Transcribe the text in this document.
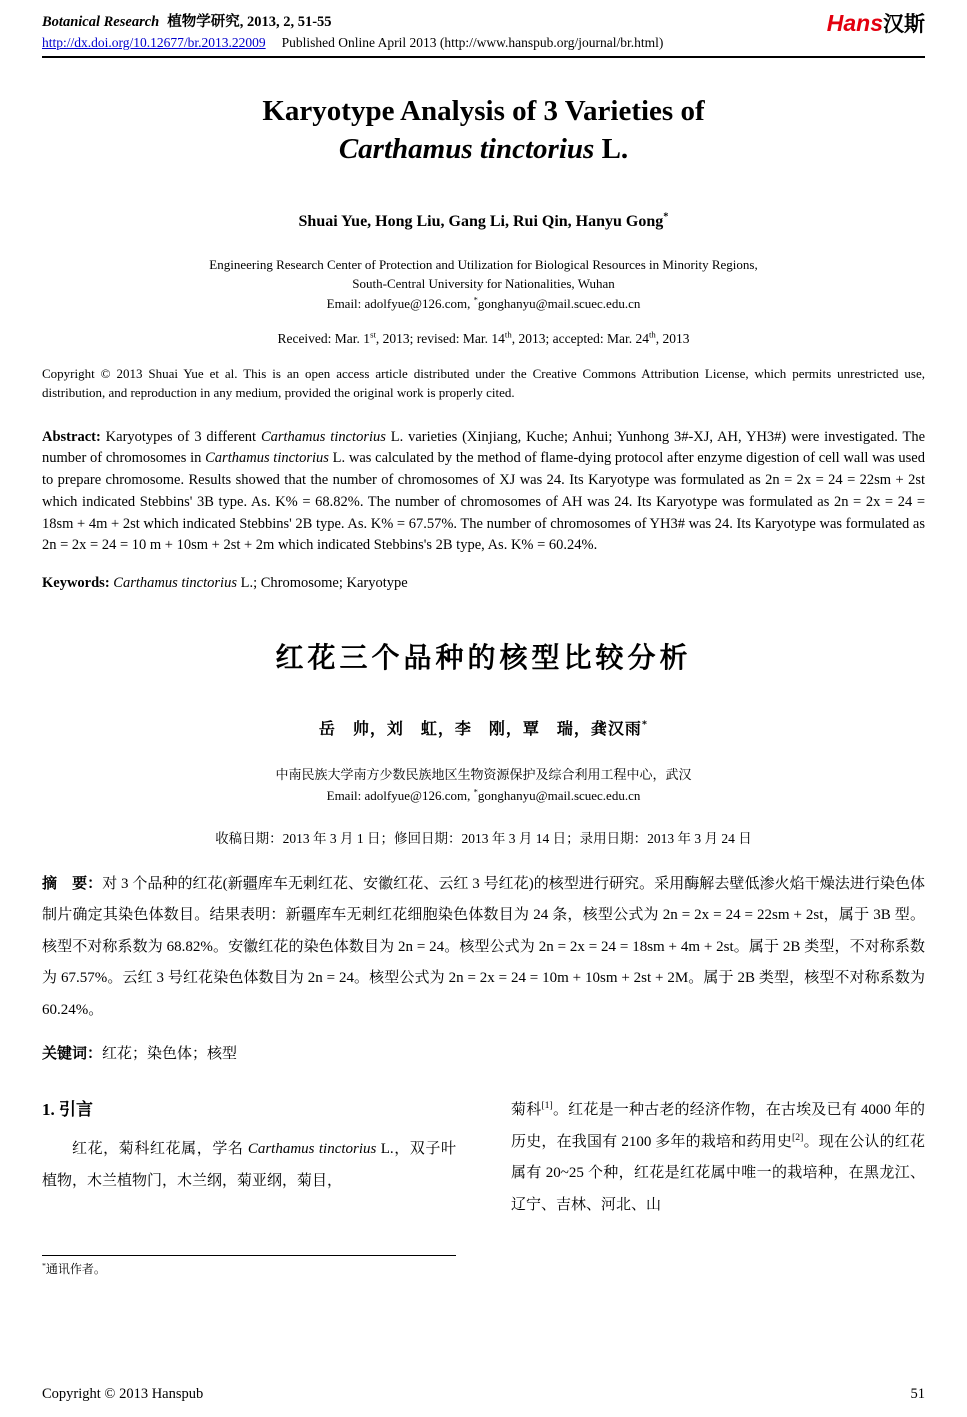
Botanical Research 植物学研究, 2013, 2, 51-55
http://dx.doi.org/10.12677/br.2013.22009 Published Online April 2013 (http://www.hanspub.org/journal/br.html)
Hans汉斯
Karyotype Analysis of 3 Varieties of
Carthamus tinctorius L.
Shuai Yue, Hong Liu, Gang Li, Rui Qin, Hanyu Gong*
Engineering Research Center of Protection and Utilization for Biological Resources in Minority Regions,
South-Central University for Nationalities, Wuhan
Email: adolfyue@126.com, *gonghanyu@mail.scuec.edu.cn
Received: Mar. 1st, 2013; revised: Mar. 14th, 2013; accepted: Mar. 24th, 2013

Copyright © 2013 Shuai Yue et al. This is an open access article distributed under the Creative Commons Attribution License, which permits unrestricted use, distribution, and reproduction in any medium, provided the original work is properly cited.

Abstract: Karyotypes of 3 different Carthamus tinctorius L. varieties (Xinjiang, Kuche; Anhui; Yunhong 3#-XJ, AH, YH3#) were investigated. The number of chromosomes in Carthamus tinctorius L. was calculated by the method of flame-dying protocol after enzyme digestion of cell wall was used to prepare chromosome. Results showed that the number of chromosomes of XJ was 24. Its Karyotype was formulated as 2n = 2x = 24 = 22sm + 2st which indicated Stebbins' 3B type. As. K% = 68.82%. The number of chromosomes of AH was 24. Its Karyotype was formulated as 2n = 2x = 24 = 18sm + 4m + 2st which indicated Stebbins' 2B type. As. K% = 67.57%. The number of chromosomes of YH3# was 24. Its Karyotype was formulated as 2n = 2x = 24 = 10 m + 10sm + 2st + 2m which indicated Stebbins's 2B type, As. K% = 60.24%.

Keywords: Carthamus tinctorius L.; Chromosome; Karyotype

红花三个品种的核型比较分析
岳　帅，刘　虹，李　刚，覃　瑞，龚汉雨*
中南民族大学南方少数民族地区生物资源保护及综合利用工程中心，武汉
Email: adolfyue@126.com, *gonghanyu@mail.scuec.edu.cn
收稿日期：2013 年 3 月 1 日；修回日期：2013 年 3 月 14 日；录用日期：2013 年 3 月 24 日

摘　要：对 3 个品种的红花(新疆库车无刺红花、安徽红花、云红 3 号红花)的核型进行研究。采用酶解去壁低渗火焰干燥法进行染色体制片确定其染色体数目。结果表明：新疆库车无刺红花细胞染色体数目为 24 条，核型公式为 2n = 2x = 24 = 22sm + 2st，属于 3B 型。核型不对称系数为 68.82%。安徽红花的染色体数目为 2n = 24。核型公式为 2n = 2x = 24 = 18sm + 4m + 2st。属于 2B 类型，不对称系数为 67.57%。云红 3 号红花染色体数目为 2n = 24。核型公式为 2n = 2x = 24 = 10m + 10sm + 2st + 2M。属于 2B 类型，核型不对称系数为 60.24%。

关键词：红花；染色体；核型

1. 引言

红花，菊科红花属，学名 Carthamus tinctorius L.，双子叶植物，木兰植物门，木兰纲，菊亚纲，菊目，

*通讯作者。

菊科[1]。红花是一种古老的经济作物，在古埃及已有 4000 年的历史，在我国有 2100 多年的栽培和药用史[2]。现在公认的红花属有 20~25 个种，红花是红花属中唯一的栽培种，在黑龙江、辽宁、吉林、河北、山

Copyright © 2013 Hanspub	51
